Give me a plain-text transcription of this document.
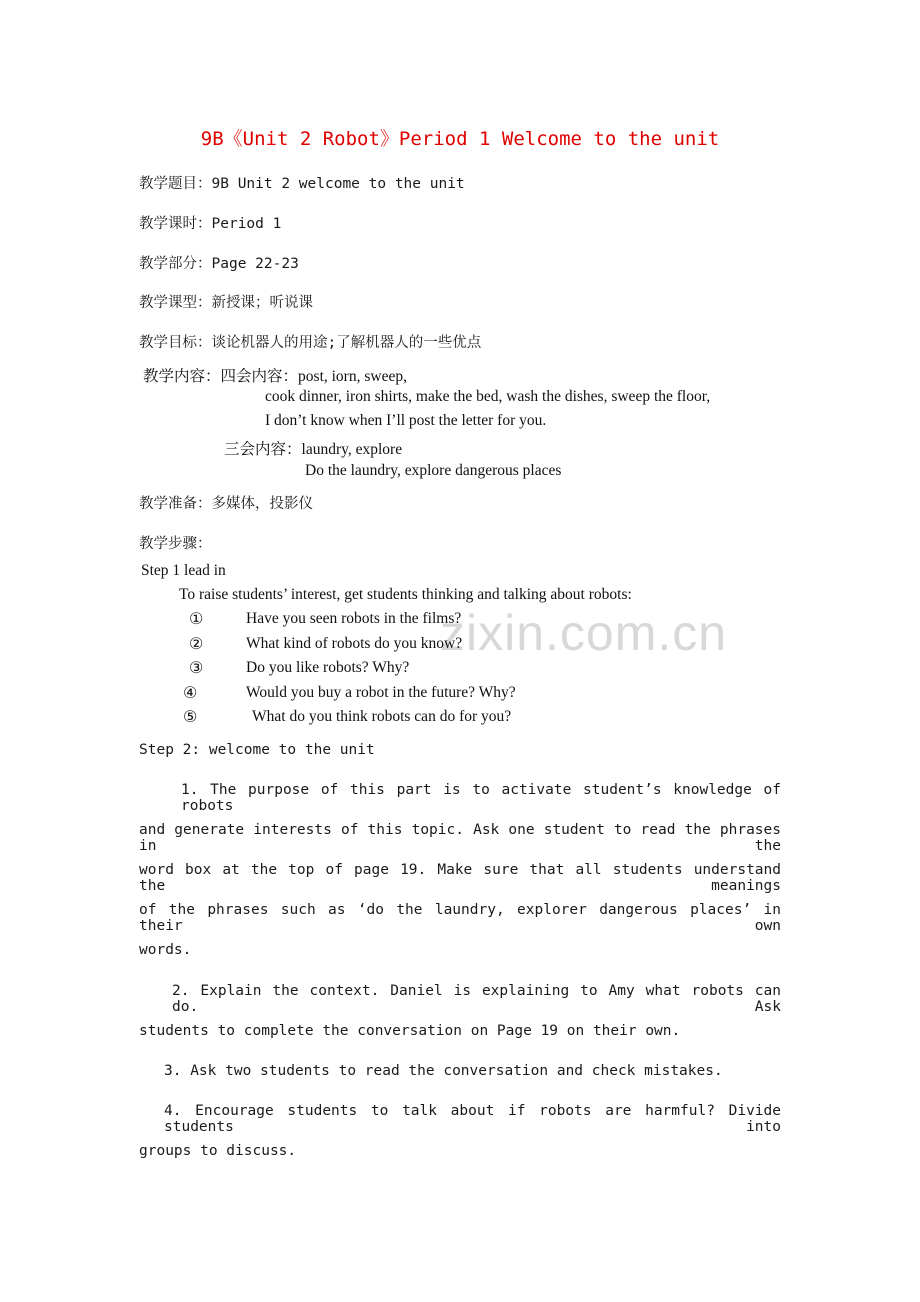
9B《Unit 2 Robot》Period 1 Welcome to the unit
教学题目：9B Unit 2 welcome to the unit
教学课时：Period 1
教学部分：Page 22-23
教学课型：新授课；听说课
教学目标：谈论机器人的用途;了解机器人的一些优点
教学内容：四会内容：post, iorn, sweep,
cook dinner, iron shirts, make the bed, wash the dishes, sweep the floor,
I don’t know when I’ll post the letter for you.
三会内容：laundry, explore
Do the laundry, explore dangerous places
教学准备：多媒体，投影仪
教学步骤：
Step 1 lead in
To raise students’ interest, get students thinking and talking about robots:
zixin.com.cn
①	Have you seen robots in the films?
②	What kind of robots do you know?
③	Do you like robots? Why?
④	Would you buy a robot in the future? Why?
⑤	What do you think robots can do for you?
Step 2: welcome to the unit
1. The purpose of this part is to activate student’s knowledge of robots
and generate interests of this topic. Ask one student to read the phrases in the
word box at the top of page 19. Make sure that all students understand the meanings
of the phrases such as ‘do the laundry, explorer dangerous places’ in their own
words.
2. Explain the context. Daniel is explaining to Amy what robots can do. Ask
students to complete the conversation on Page 19 on their own.
3. Ask two students to read the conversation and check mistakes.
4. Encourage students to talk about if robots are harmful? Divide students into
groups to discuss.
